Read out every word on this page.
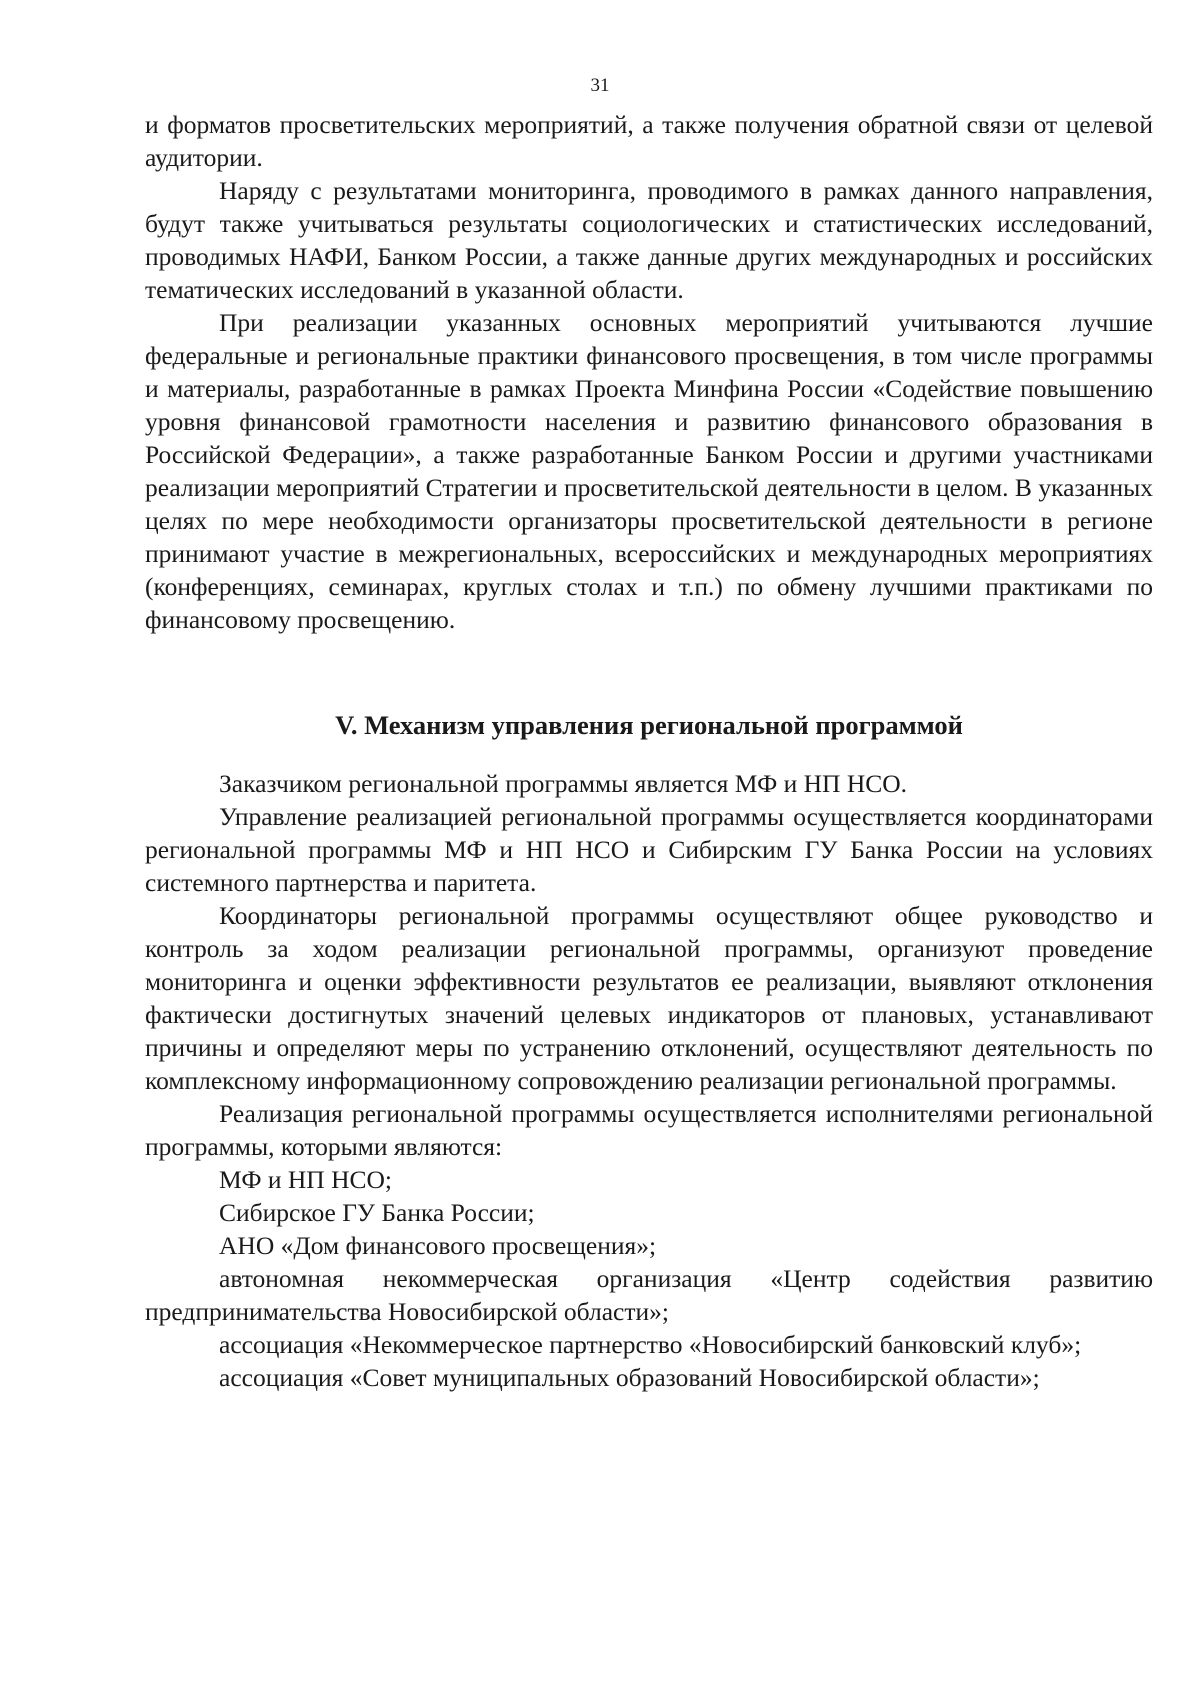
31

и форматов просветительских мероприятий, а также получения обратной связи от целевой аудитории.

Наряду с результатами мониторинга, проводимого в рамках данного направления, будут также учитываться результаты социологических и статистических исследований, проводимых НАФИ, Банком России, а также данные других международных и российских тематических исследований в указанной области.

При реализации указанных основных мероприятий учитываются лучшие федеральные и региональные практики финансового просвещения, в том числе программы и материалы, разработанные в рамках Проекта Минфина России «Содействие повышению уровня финансовой грамотности населения и развитию финансового образования в Российской Федерации», а также разработанные Банком России и другими участниками реализации мероприятий Стратегии и просветительской деятельности в целом. В указанных целях по мере необходимости организаторы просветительской деятельности в регионе принимают участие в межрегиональных, всероссийских и международных мероприятиях (конференциях, семинарах, круглых столах и т.п.) по обмену лучшими практиками по финансовому просвещению.

V. Механизм управления региональной программой

Заказчиком региональной программы является МФ и НП НСО.

Управление реализацией региональной программы осуществляется координаторами региональной программы МФ и НП НСО и Сибирским ГУ Банка России на условиях системного партнерства и паритета.

Координаторы региональной программы осуществляют общее руководство и контроль за ходом реализации региональной программы, организуют проведение мониторинга и оценки эффективности результатов ее реализации, выявляют отклонения фактически достигнутых значений целевых индикаторов от плановых, устанавливают причины и определяют меры по устранению отклонений, осуществляют деятельность по комплексному информационному сопровождению реализации региональной программы.

Реализация региональной программы осуществляется исполнителями региональной программы, которыми являются:

МФ и НП НСО;

Сибирское ГУ Банка России;

АНО «Дом финансового просвещения»;

автономная некоммерческая организация «Центр содействия развитию предпринимательства Новосибирской области»;

ассоциация «Некоммерческое партнерство «Новосибирский банковский клуб»;

ассоциация «Совет муниципальных образований Новосибирской области»;
